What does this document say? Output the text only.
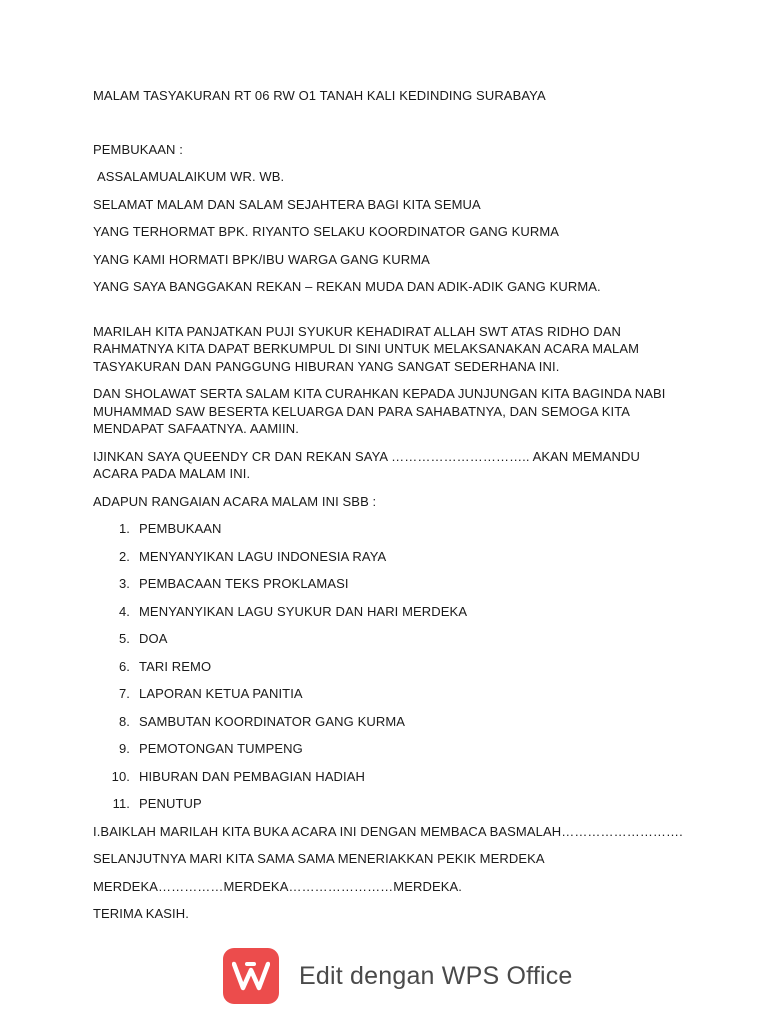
MALAM TASYAKURAN RT 06 RW O1 TANAH KALI KEDINDING SURABAYA

PEMBUKAAN :

ASSALAMUALAIKUM WR. WB.

SELAMAT MALAM DAN SALAM SEJAHTERA BAGI KITA SEMUA

YANG TERHORMAT BPK. RIYANTO SELAKU KOORDINATOR GANG KURMA

YANG KAMI HORMATI BPK/IBU WARGA GANG KURMA

YANG SAYA BANGGAKAN REKAN – REKAN MUDA DAN ADIK-ADIK GANG KURMA.

MARILAH KITA PANJATKAN PUJI SYUKUR KEHADIRAT ALLAH SWT ATAS RIDHO DAN RAHMATNYA KITA DAPAT BERKUMPUL DI SINI UNTUK MELAKSANAKAN ACARA MALAM TASYAKURAN DAN PANGGUNG HIBURAN YANG SANGAT SEDERHANA INI.

DAN SHOLAWAT SERTA SALAM KITA CURAHKAN KEPADA JUNJUNGAN KITA BAGINDA NABI MUHAMMAD SAW BESERTA KELUARGA DAN PARA SAHABATNYA, DAN SEMOGA KITA MENDAPAT SAFAATNYA. AAMIIN.

IJINKAN SAYA QUEENDY CR DAN REKAN SAYA ………………………….. AKAN MEMANDU ACARA PADA MALAM INI.

ADAPUN RANGAIAN ACARA MALAM INI SBB :

1. PEMBUKAAN
2. MENYANYIKAN LAGU INDONESIA RAYA
3. PEMBACAAN TEKS PROKLAMASI
4. MENYANYIKAN LAGU SYUKUR DAN HARI MERDEKA
5. DOA
6. TARI REMO
7. LAPORAN KETUA PANITIA
8. SAMBUTAN KOORDINATOR GANG KURMA
9. PEMOTONGAN TUMPENG
10. HIBURAN DAN PEMBAGIAN HADIAH
11. PENUTUP

I.BAIKLAH MARILAH KITA BUKA ACARA INI DENGAN MEMBACA BASMALAH……………………….

SELANJUTNYA MARI KITA SAMA SAMA MENERIAKKAN PEKIK MERDEKA

MERDEKA……………MERDEKA……………………MERDEKA.

TERIMA KASIH.

Edit dengan WPS Office
